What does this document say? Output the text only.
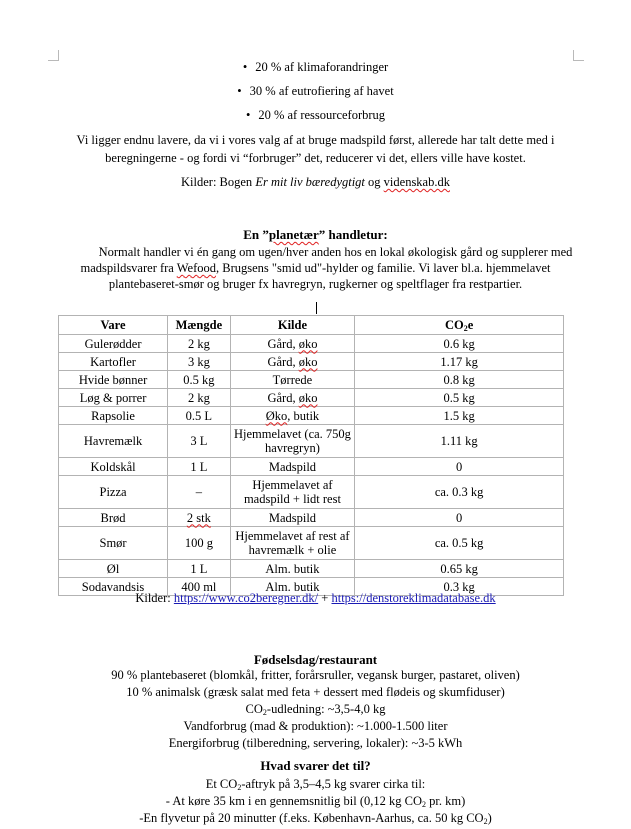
• 20 % af klimaforandringer
• 30 % af eutrofiering af havet
• 20 % af ressourceforbrug
Vi ligger endnu lavere, da vi i vores valg af at bruge madspild først, allerede har talt dette med i beregningerne - og fordi vi “forbruger” det, reducerer vi det, ellers ville have kostet.
Kilder: Bogen Er mit liv bæredygtigt og videnskab.dk
En ”planetær” handletur:
Normalt handler vi én gang om ugen/hver anden hos en lokal økologisk gård og supplerer med madspildsvarer fra Wefood, Brugsens "smid ud"-hylder og familie. Vi laver bl.a. hjemmelavet plantebaseret-smør og bruger fx havregryn, rugkerner og speltflager fra restpartier.
Vare	Mængde	Kilde	$CO_2e$
Gulerødder	2 kg	Gård, øko	0.6 kg
Kartofler	3 kg	Gård, øko	1.17 kg
Hvide bønner	0.5 kg	Tørrede	0.8 kg
Løg & porrer	2 kg	Gård, øko	0.5 kg
Rapsolie	0.5 L	Øko, butik	1.5 kg
Havremælk	3 L	Hjemmelavet (ca. 750g havregryn)	1.11 kg
Koldskål	1 L	Madspild	0
Pizza	–	Hjemmelavet af madspild + lidt rest	ca. 0.3 kg
Brød	2 stk	Madspild	0
Smør	100 g	Hjemmelavet af rest af havremælk + olie	ca. 0.5 kg
Øl	1 L	Alm. butik	0.65 kg
Sodavandsis	400 ml	Alm. butik	0.3 kg
Kilder: https://www.co2beregner.dk/ + https://denstoreklimadatabase.dk
Fødselsdag/restaurant
90 % plantebaseret (blomkål, fritter, forårsruller, vegansk burger, pastaret, oliven)
10 % animalsk (græsk salat med feta + dessert med flødeis og skumfiduser)
$CO_2$-udledning: ~3,5-4,0 kg
Vandforbrug (mad & produktion): ~1.000-1.500 liter
Energiforbrug (tilberedning, servering, lokaler): ~3-5 kWh
Hvad svarer det til?
Et $CO_2$-aftryk på 3,5–4,5 kg svarer cirka til:
- At køre 35 km i en gennemsnitlig bil (0,12 kg $CO_2$ pr. km)
-En flyvetur på 20 minutter (f.eks. København-Aarhus, ca. 50 kg $CO_2$)
